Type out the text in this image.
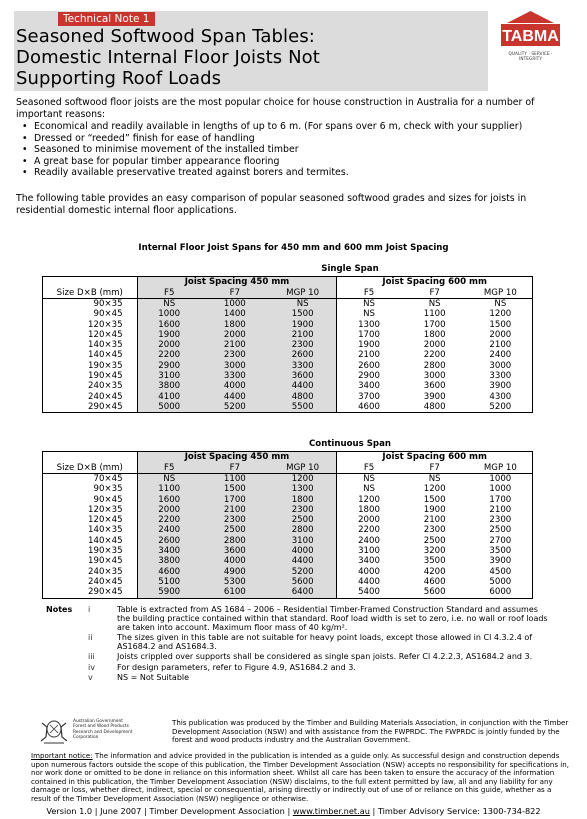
Technical Note 1
Seasoned Softwood Span Tables:
Domestic Internal Floor Joists Not
Supporting Roof Loads
TABMA
QUALITY · SERVICE · INTEGRITY
Seasoned softwood floor joists are the most popular choice for house construction in Australia for a number of important reasons:
• Economical and readily available in lengths of up to 6 m. (For spans over 6 m, check with your supplier)
• Dressed or “reeded” finish for ease of handling
• Seasoned to minimise movement of the installed timber
• A great base for popular timber appearance flooring
• Readily available preservative treated against borers and termites.
The following table provides an easy comparison of popular seasoned softwood grades and sizes for joists in residential domestic internal floor applications.
Internal Floor Joist Spans for 450 mm and 600 mm Joist Spacing
Single Span
	Joist Spacing 450 mm			Joist Spacing 600 mm		
Size D×B (mm)	F5	F7	MGP 10	F5	F7	MGP 10
90×35	NS	1000	NS	NS	NS	NS
90×45	1000	1400	1500	NS	1100	1200
120×35	1600	1800	1900	1300	1700	1500
120×45	1900	2000	2100	1700	1800	2000
140×35	2000	2100	2300	1900	2000	2100
140×45	2200	2300	2600	2100	2200	2400
190×35	2900	3000	3300	2600	2800	3000
190×45	3100	3300	3600	2900	3000	3300
240×35	3800	4000	4400	3400	3600	3900
240×45	4100	4400	4800	3700	3900	4300
290×45	5000	5200	5500	4600	4800	5200
Continuous Span
	Joist Spacing 450 mm			Joist Spacing 600 mm		
Size D×B (mm)	F5	F7	MGP 10	F5	F7	MGP 10
70×45	NS	1100	1200	NS	NS	1000
90×35	1100	1500	1300	NS	1200	1000
90×45	1600	1700	1800	1200	1500	1700
120×35	2000	2100	2300	1800	1900	2100
120×45	2200	2300	2500	2000	2100	2300
140×35	2400	2500	2800	2200	2300	2500
140×45	2600	2800	3100	2400	2500	2700
190×35	3400	3600	4000	3100	3200	3500
190×45	3800	4000	4400	3400	3500	3900
240×35	4600	4900	5200	4000	4200	4500
240×45	5100	5300	5600	4400	4600	5000
290×45	5900	6100	6400	5400	5600	6000
Notes i	Table is extracted from AS 1684 – 2006 – Residential Timber-Framed Construction Standard and assumes the building practice contained within that standard. Roof load width is set to zero, i.e. no wall or roof loads are taken into account. Maximum floor mass of 40 kg/m².
ii	The sizes given in this table are not suitable for heavy point loads, except those allowed in Cl 4.3.2.4 of AS1684.2 and AS1684.3.
iii	Joists crippled over supports shall be considered as single span joists. Refer Cl 4.2.2.3, AS1684.2 and 3.
iv	For design parameters, refer to Figure 4.9, AS1684.2 and 3.
v	NS = Not Suitable
Australian Government
Forest and Wood Products
Research and Development
Corporation
This publication was produced by the Timber and Building Materials Association, in conjunction with the Timber Development Association (NSW) and with assistance from the FWPRDC. The FWPRDC is jointly funded by the forest and wood products industry and the Australian Government.
Important notice: The information and advice provided in the publication is intended as a guide only. As successful design and construction depends upon numerous factors outside the scope of this publication, the Timber Development Association (NSW) accepts no responsibility for specifications in, nor work done or omitted to be done in reliance on this information sheet. Whilst all care has been taken to ensure the accuracy of the information contained in this publication, the Timber Development Association (NSW) disclaims, to the full extent permitted by law, all and any liability for any damage or loss, whether direct, indirect, special or consequential, arising directly or indirectly out of use of or reliance on this guide, whether as a result of the Timber Development Association (NSW) negligence or otherwise.
Version 1.0 | June 2007 | Timber Development Association | www.timber.net.au | Timber Advisory Service: 1300-734-822
